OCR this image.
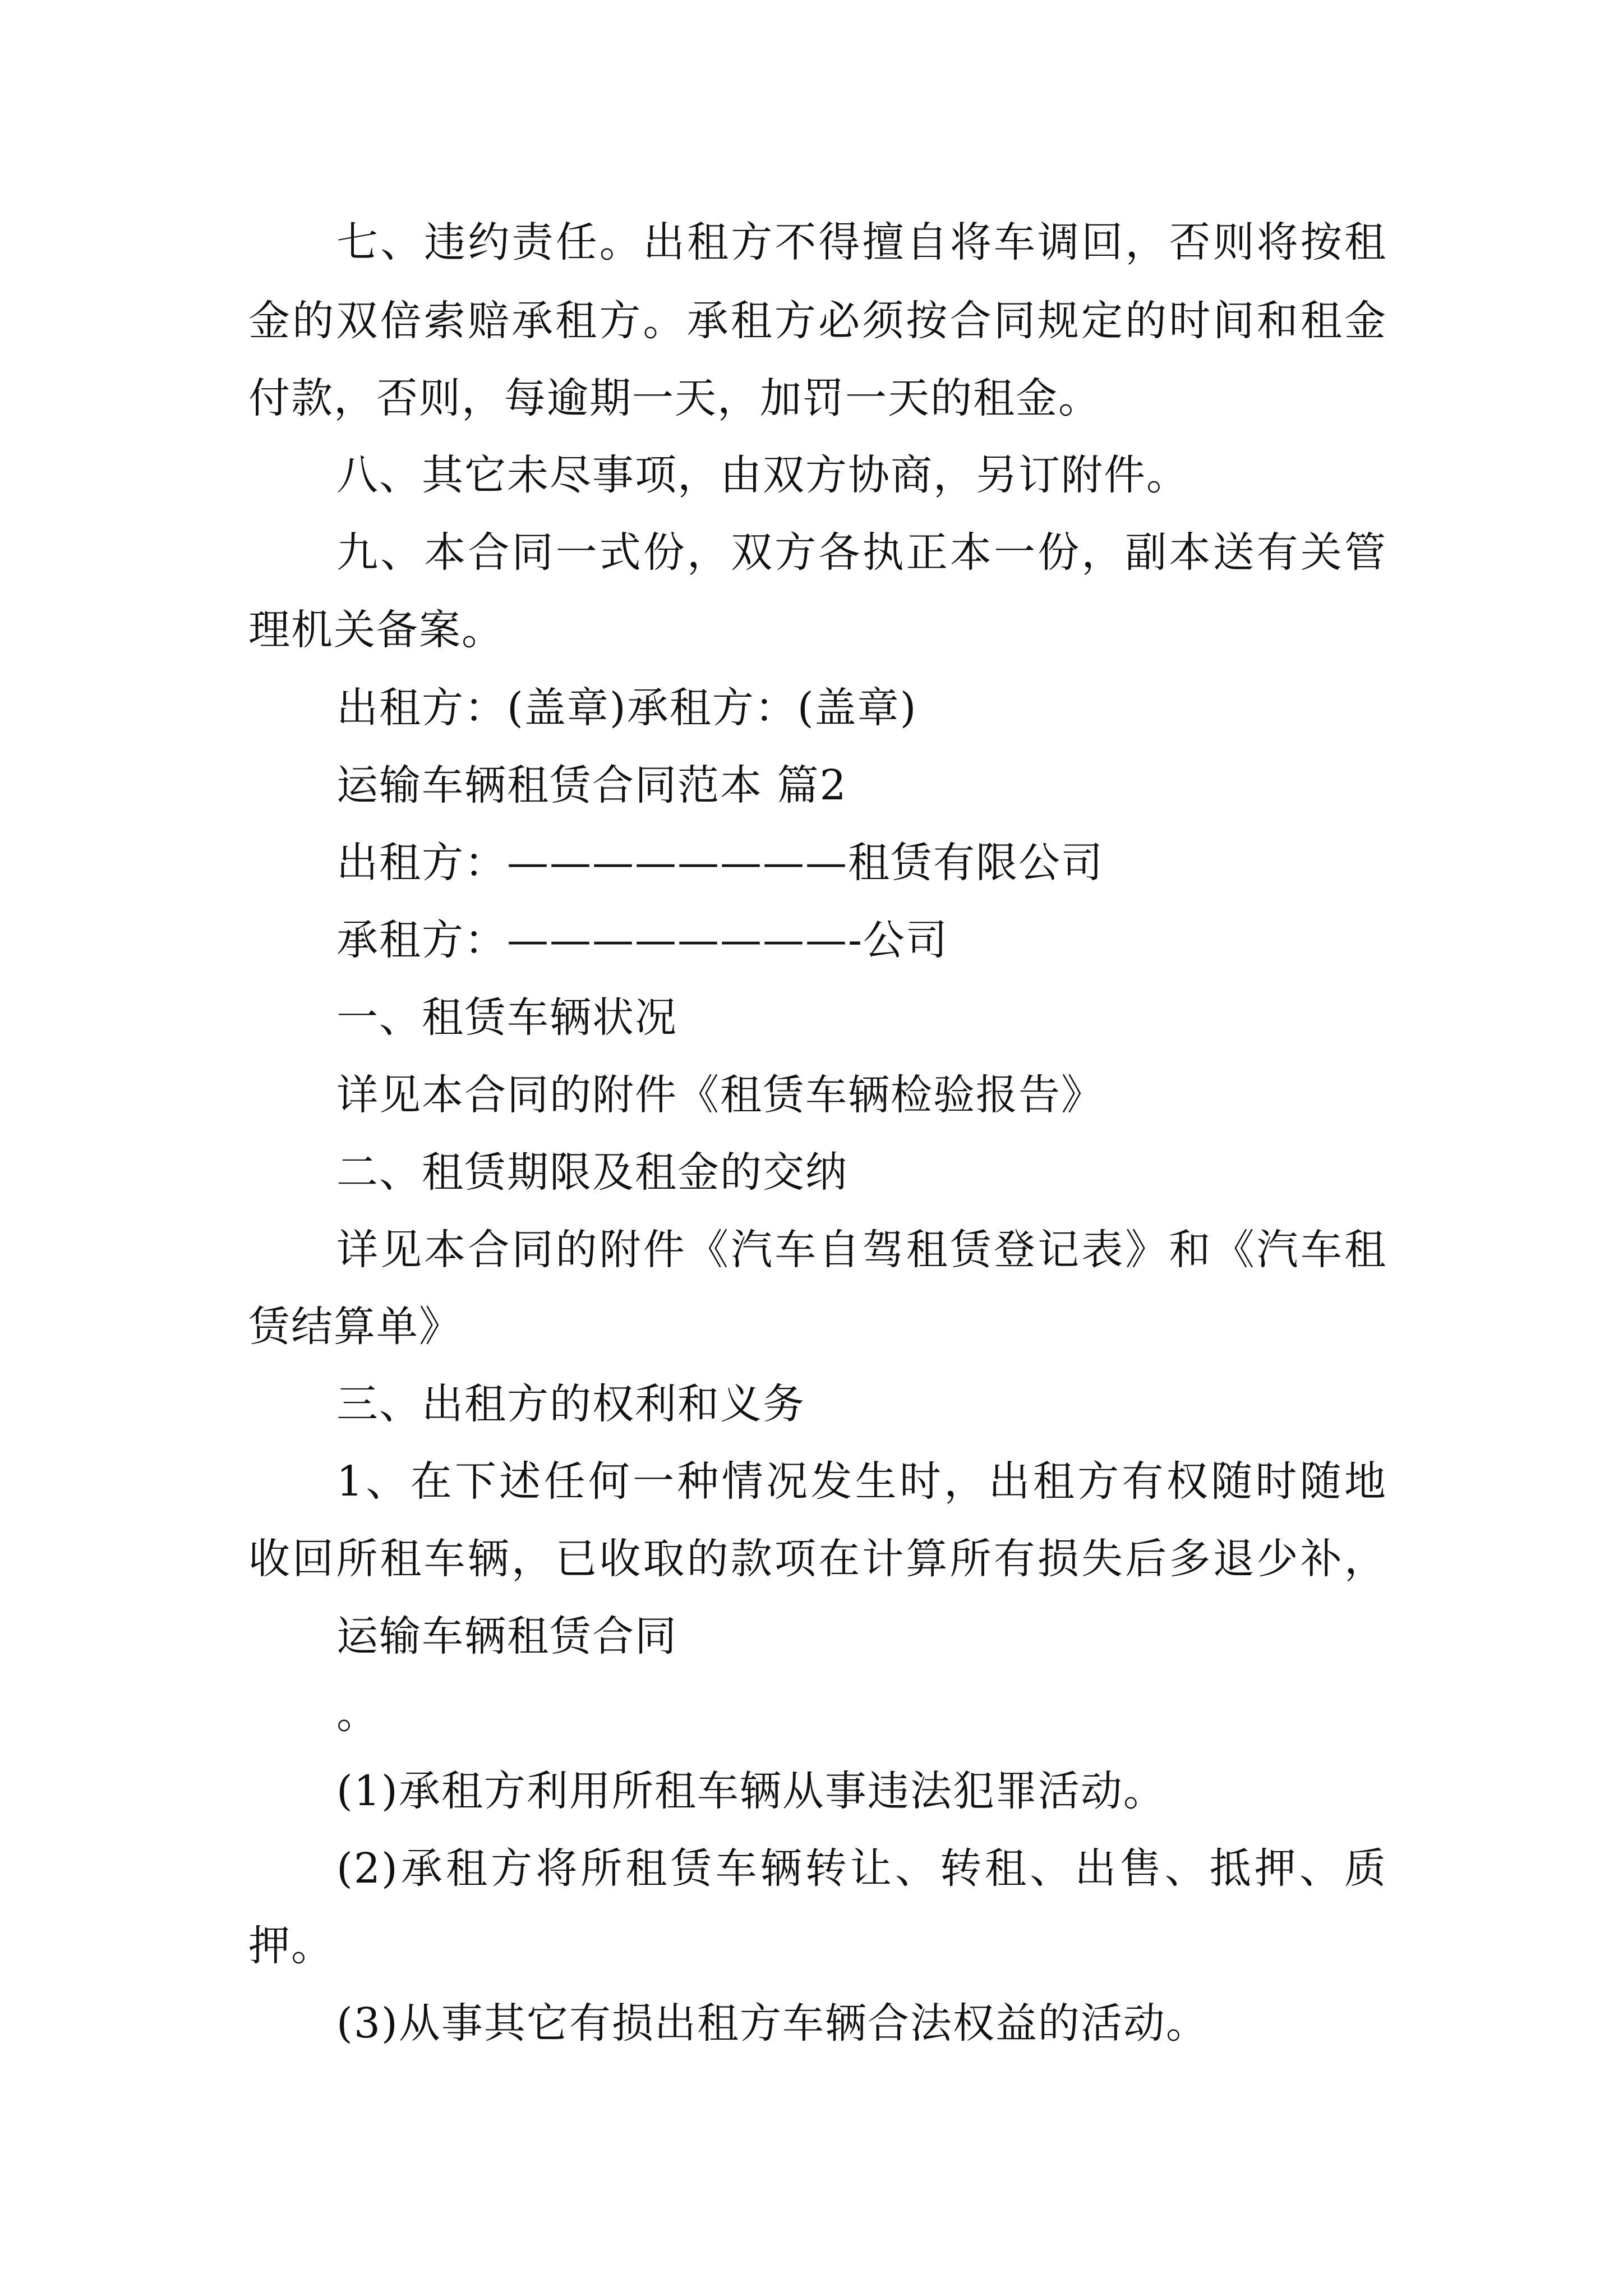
七、违约责任。出租方不得擅自将车调回，否则将按租

金的双倍索赔承租方。承租方必须按合同规定的时间和租金

付款，否则，每逾期一天，加罚一天的租金。

八、其它未尽事项，由双方协商，另订附件。

九、本合同一式份，双方各执正本一份，副本送有关管

理机关备案。

出租方：(盖章)承租方：(盖章)

运输车辆租赁合同范本 篇2

出租方：————————租赁有限公司

承租方：————————-公司

一、租赁车辆状况

详见本合同的附件《租赁车辆检验报告》

二、租赁期限及租金的交纳

详见本合同的附件《汽车自驾租赁登记表》和《汽车租

赁结算单》

三、出租方的权利和义务

1、在下述任何一种情况发生时，出租方有权随时随地

收回所租车辆，已收取的款项在计算所有损失后多退少补，

运输车辆租赁合同

。

(1)承租方利用所租车辆从事违法犯罪活动。

(2)承租方将所租赁车辆转让、转租、出售、抵押、质

押。

(3)从事其它有损出租方车辆合法权益的活动。
